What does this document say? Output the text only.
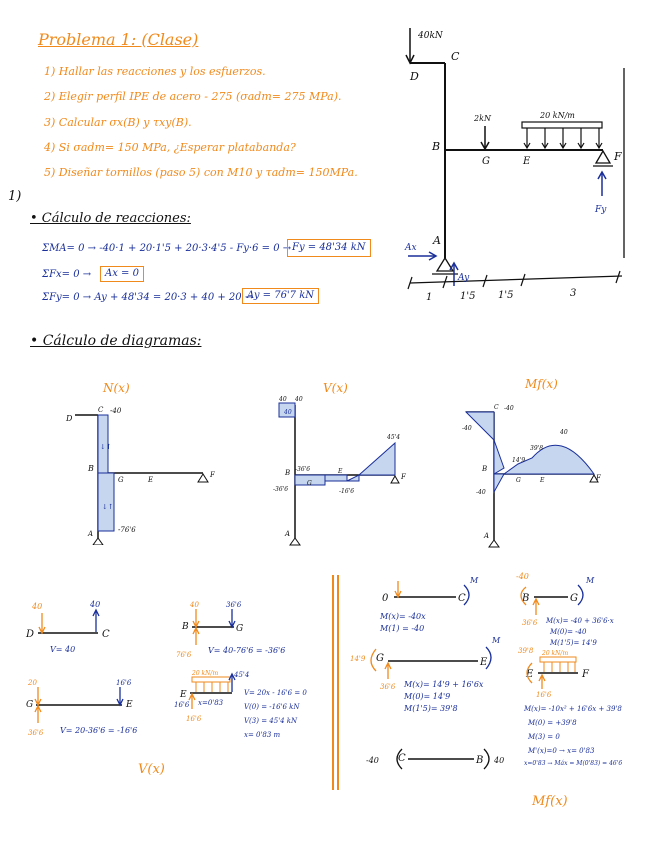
Problema 1: (Clase)
1) Hallar las reacciones y los esfuerzos.
2) Elegir perfil IPE de acero - 275 (σadm= 275 MPa).
3) Calcular σx(B) y τxy(B).
4) Si σadm= 150 MPa, ¿Esperar platabanda?
5) Diseñar tornillos (paso 5) con M10 y τadm= 150MPa.
40kN
C
D
B
G	E	F
A
2kN	20 kN/m
Fy
Ax
Ay
1	1'5 1'5	3
1)
• Cálculo de reacciones:
ΣMA= 0 → -40·1 + 20·1'5 + 20·3·4'5 - Fy·6 = 0 → Fy = 48'34 kN
ΣFx= 0 →	Ax = 0
ΣFy= 0 → Ay + 48'34 = 20·3 + 40 + 20 →
Ay = 76'7 kN
• Cálculo de diagramas:
N(x)
↓↑
↓↑
D
B
G	E
F
A
C -40
-76'6
V(x)
40
B
G
E
F
A
40 40
45'4
-36'6	-16'6
-36'6
Mf(x)
B
G	E	F
A
C -40
-40
39'8
14'9
40
-40
D	C
40	40
V= 40
B	G
40	36'6
76'6 V= 40-76'6 = -36'6
G	E
20	16'6
36'6 V= 20-36'6 = -16'6
E
20 kN/m 45'4
16'6
16'6
x=0'83
V= 20x - 16'6 = 0
V(0) = -16'6 kN
V(3) = 45'4 kN
x= 0'83 m
V(x)
0	C
M
M(x)= -40x
M(1) = -40
B	G
-40
36'6
M
M(x)= -40 + 36'6·x
M(0)= -40
M(1'5)= 14'9
G	E
14'9
36'6
M
M(x)= 14'9 + 16'6x
M(0)= 14'9
M(1'5)= 39'8
E	F
39'8 20 kN/m
16'6
M(x)= -10x² + 16'6x + 39'8
M(0) = +39'8
M(3) = 0
M'(x)=0 → x= 0'83
x=0'83 → Máx = M(0'83) = 46'6
C	B
-40	40
Mf(x)
